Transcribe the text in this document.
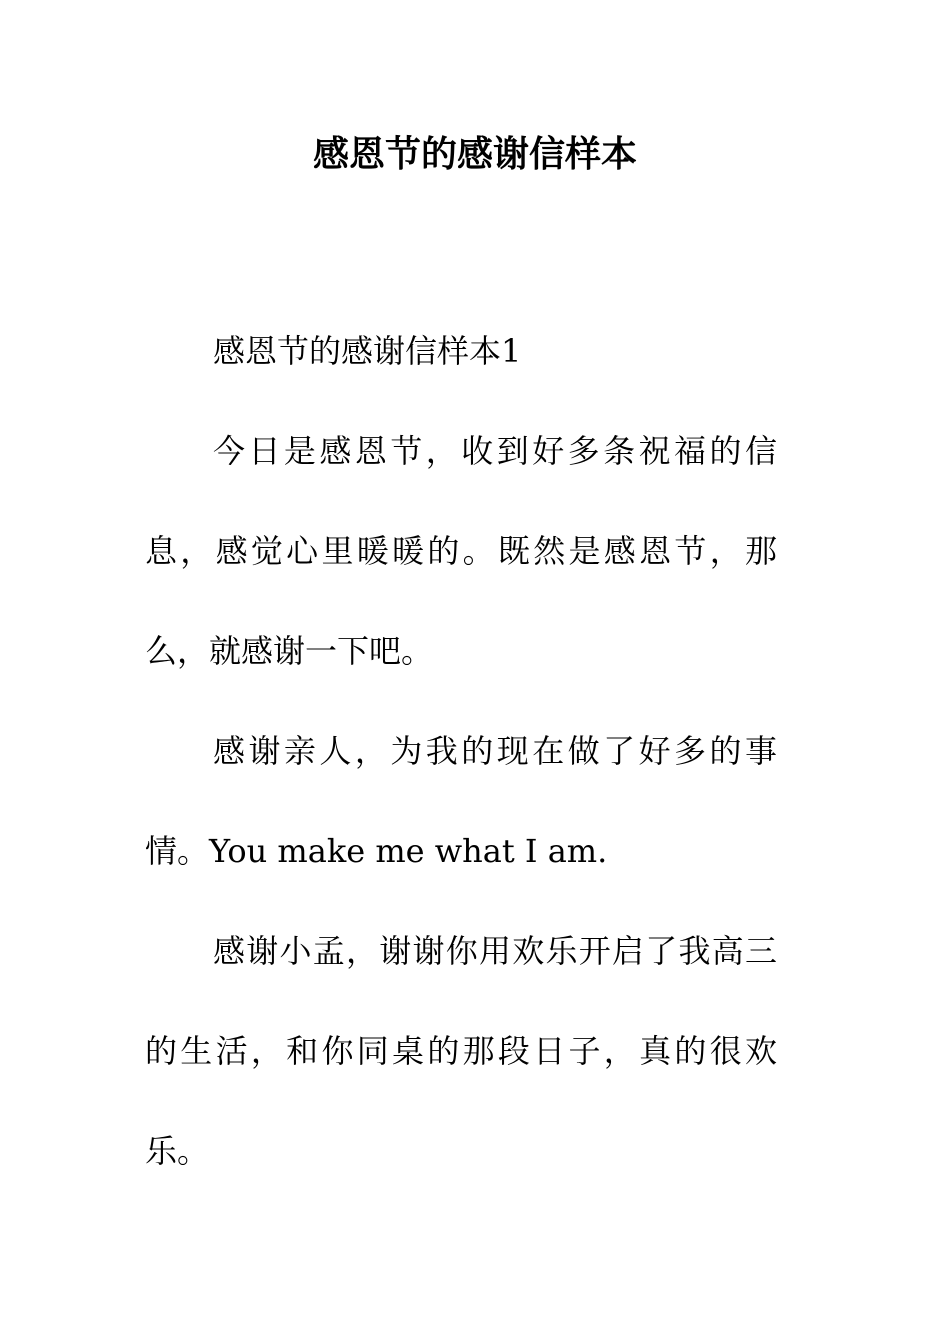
感恩节的感谢信样本

感恩节的感谢信样本1

今日是感恩节，收到好多条祝福的信息，感觉心里暖暖的。既然是感恩节，那么，就感谢一下吧。

感谢亲人，为我的现在做了好多的事情。You make me what I am.

感谢小孟，谢谢你用欢乐开启了我高三的生活，和你同桌的那段日子，真的很欢乐。
